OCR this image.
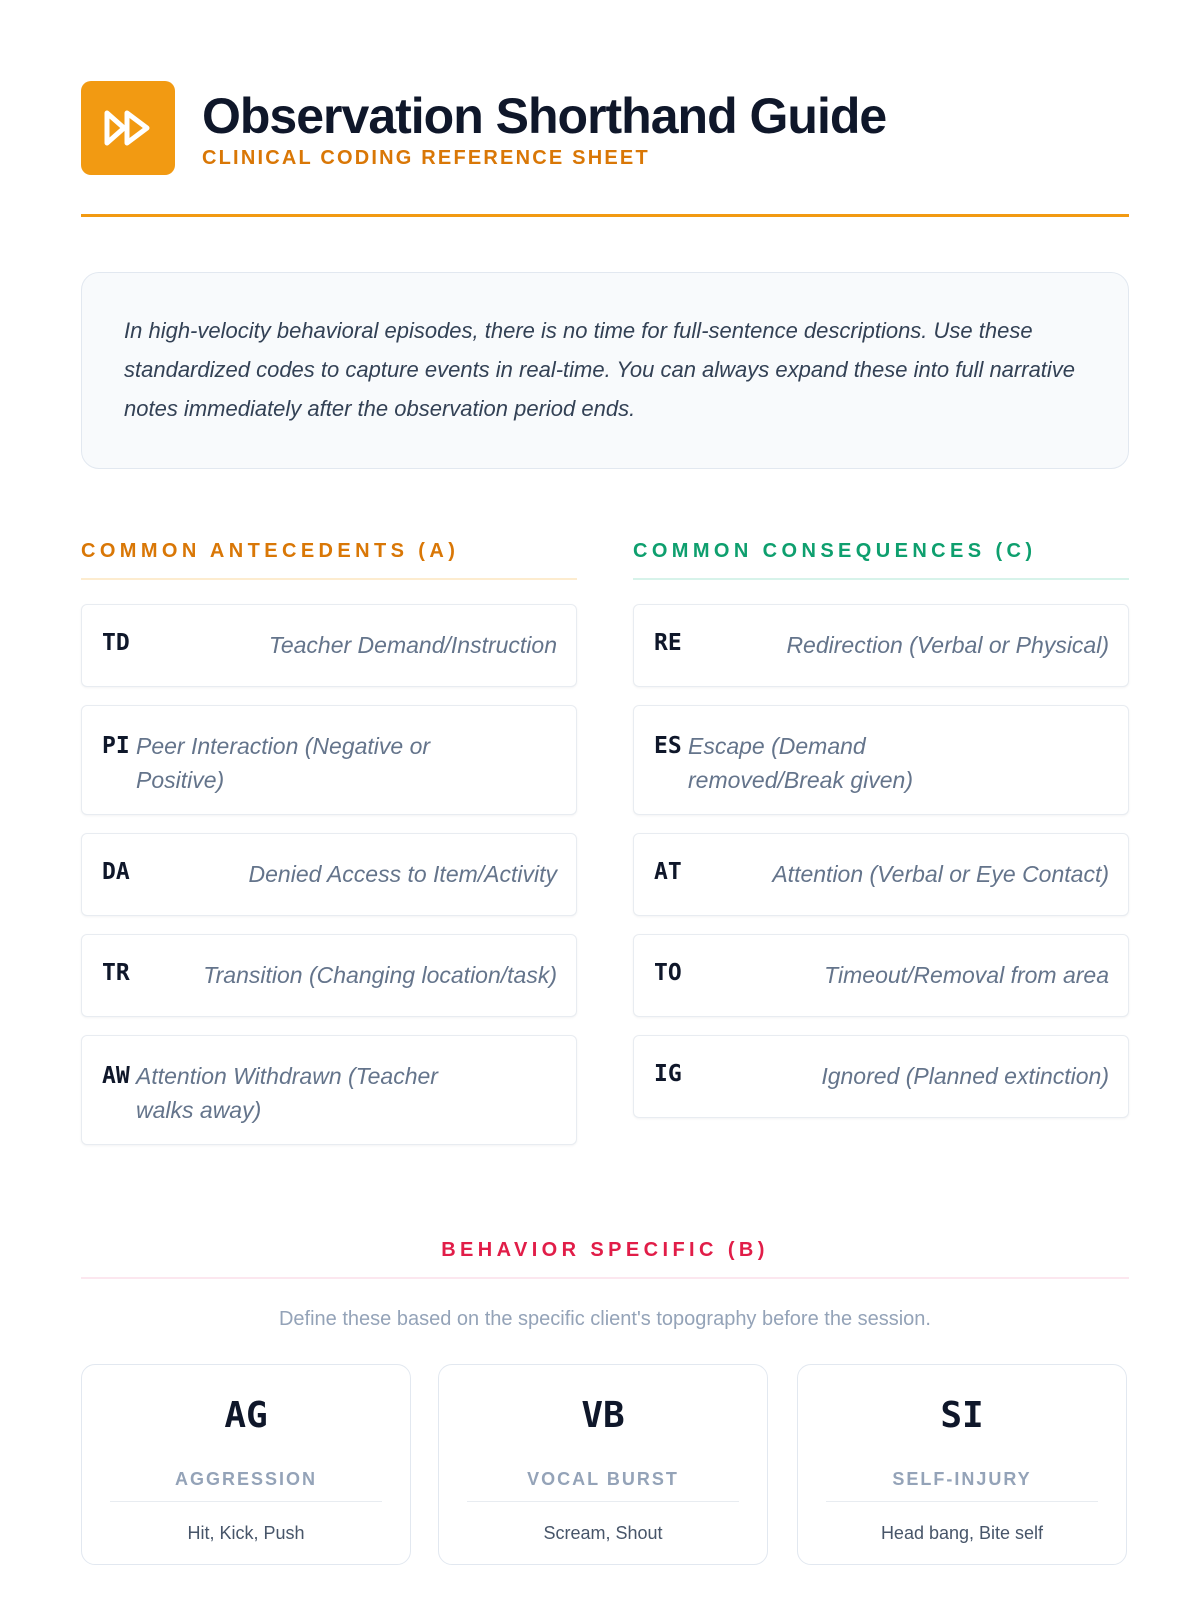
Observation Shorthand Guide
CLINICAL CODING REFERENCE SHEET

In high-velocity behavioral episodes, there is no time for full-sentence descriptions. Use these standardized codes to capture events in real-time. You can always expand these into full narrative notes immediately after the observation period ends.

COMMON ANTECEDENTS (A)
TD	Teacher Demand/Instruction
PI Peer Interaction (Negative or Positive)
DA	Denied Access to Item/Activity
TR	Transition (Changing location/task)
AW Attention Withdrawn (Teacher walks away)
COMMON CONSEQUENCES (C)
RE	Redirection (Verbal or Physical)
ES Escape (Demand removed/Break given)
AT	Attention (Verbal or Eye Contact)
TO	Timeout/Removal from area
IG	Ignored (Planned extinction)
BEHAVIOR SPECIFIC (B)
Define these based on the specific client's topography before the session.
AG
AGGRESSION
Hit, Kick, Push
VB
VOCAL BURST
Scream, Shout
SI
SELF-INJURY
Head bang, Bite self
